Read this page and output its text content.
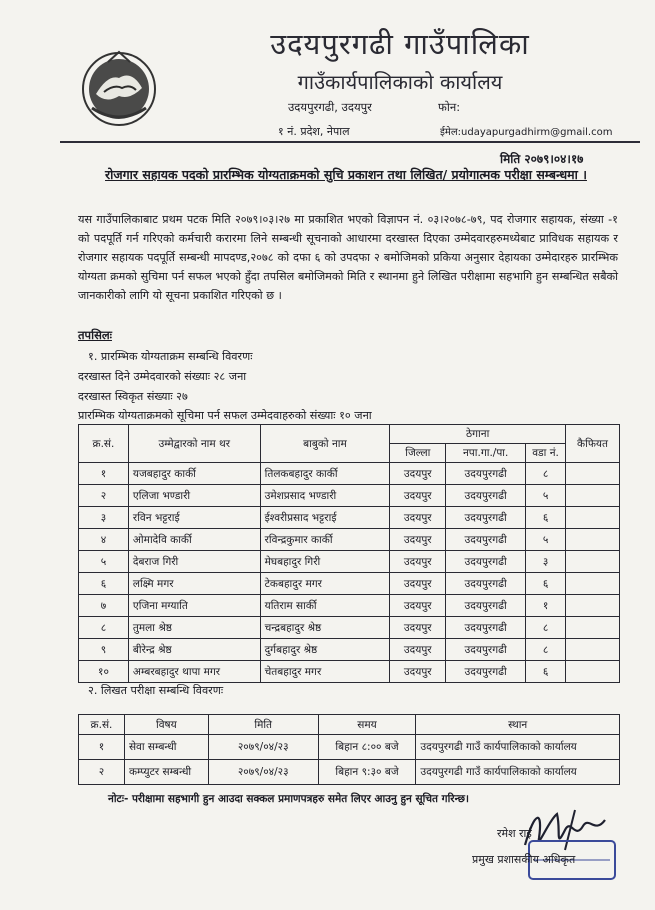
उदयपुरगढी गाउँपालिका
गाउँकार्यपालिकाको कार्यालय
उदयपुरगढी, उदयपुर
१ नं. प्रदेश, नेपाल
फोन:
ईमेल:udayapurgadhirm@gmail.com
मिति २०७९।०४।१७
रोजगार सहायक पदको प्रारम्भिक योग्यताक्रमको सुचि प्रकाशन तथा लिखित/ प्रयोगात्मक परीक्षा सम्बन्धमा ।
यस गाउँपालिकाबाट प्रथम पटक मिति २०७९।०३।२७ मा प्रकाशित भएको विज्ञापन नं. ०३।२०७८-७९, पद रोजगार सहायक, संख्या -१ को पदपूर्ति गर्न गरिएको कर्मचारी करारमा लिने सम्बन्धी सूचनाको आधारमा दरखास्त दिएका उम्मेदवारहरुमध्येबाट प्राविधक सहायक र रोजगार सहायक पदपूर्ति सम्बन्धी मापदण्ड,२०७८ को दफा ६ को उपदफा २ बमोजिमको प्रकिया अनुसार देहायका उम्मेदारहरु प्रारम्भिक योग्यता क्रमको सुचिमा पर्न सफल भएको हुँदा तपसिल बमोजिमको मिति र स्थानमा हुने लिखित परीक्षामा सहभागि हुन सम्बन्धित सबैको जानकारीको लागि यो सूचना प्रकाशित गरिएको छ ।
तपसिलः
१. प्रारम्भिक योग्यताक्रम सम्बन्धि विवरणः
दरखास्त दिने उम्मेदवारको संख्याः २८ जना
दरखास्त स्विकृत संख्याः २७
प्रारम्भिक योग्यताक्रमको सूचिमा पर्न सफल उम्मेदवाहरुको संख्याः १० जना
क्र.सं.	उम्मेद्वारको नाम थर	बाबुको नाम	ठेगाना			कैफियत
			जिल्ला	नपा.गा./पा.	वडा नं.	
१	यजबहादुर कार्की	तिलकबहादुर कार्की	उदयपुर	उदयपुरगढी	८	
२	एलिजा भण्डारी	उमेशप्रसाद भण्डारी	उदयपुर	उदयपुरगढी	५	
३	रविन भट्टराई	ईश्वरीप्रसाद भट्टराई	उदयपुर	उदयपुरगढी	६	
४	ओमादेवि कार्की	रविन्द्रकुमार कार्की	उदयपुर	उदयपुरगढी	५	
५	देबराज गिरी	मेघबहादुर गिरी	उदयपुर	उदयपुरगढी	३	
६	लक्ष्मि मगर	टेकबहादुर मगर	उदयपुर	उदयपुरगढी	६	
७	एजिना मग्याति	यतिराम सार्की	उदयपुर	उदयपुरगढी	१	
८	तुमला श्रेष्ठ	चन्द्रबहादुर श्रेष्ठ	उदयपुर	उदयपुरगढी	८	
९	बीरेन्द्र श्रेष्ठ	दुर्गबहादुर श्रेष्ठ	उदयपुर	उदयपुरगढी	८	
१०	अम्बरबहादुर थापा मगर	चेतबहादुर मगर	उदयपुर	उदयपुरगढी	६	
२. लिखत परीक्षा सम्बन्धि विवरणः
क्र.सं.	विषय	मिति	समय	स्थान
१	सेवा सम्बन्धी	२०७९/०४/२३	बिहान ८:०० बजे	उदयपुरगढी गाउँ कार्यपालिकाको कार्यालय
२	कम्प्युटर सम्बन्धी	२०७९/०४/२३	बिहान ९:३० बजे	उदयपुरगढी गाउँ कार्यपालिकाको कार्यालय
नोटः- परीक्षामा सहभागी हुन आउदा सक्कल प्रमाणपत्रहरु समेत लिएर आउनु हुन सूचित गरिन्छ।
रमेश राई
प्रमुख प्रशासकीय अधिकृत
